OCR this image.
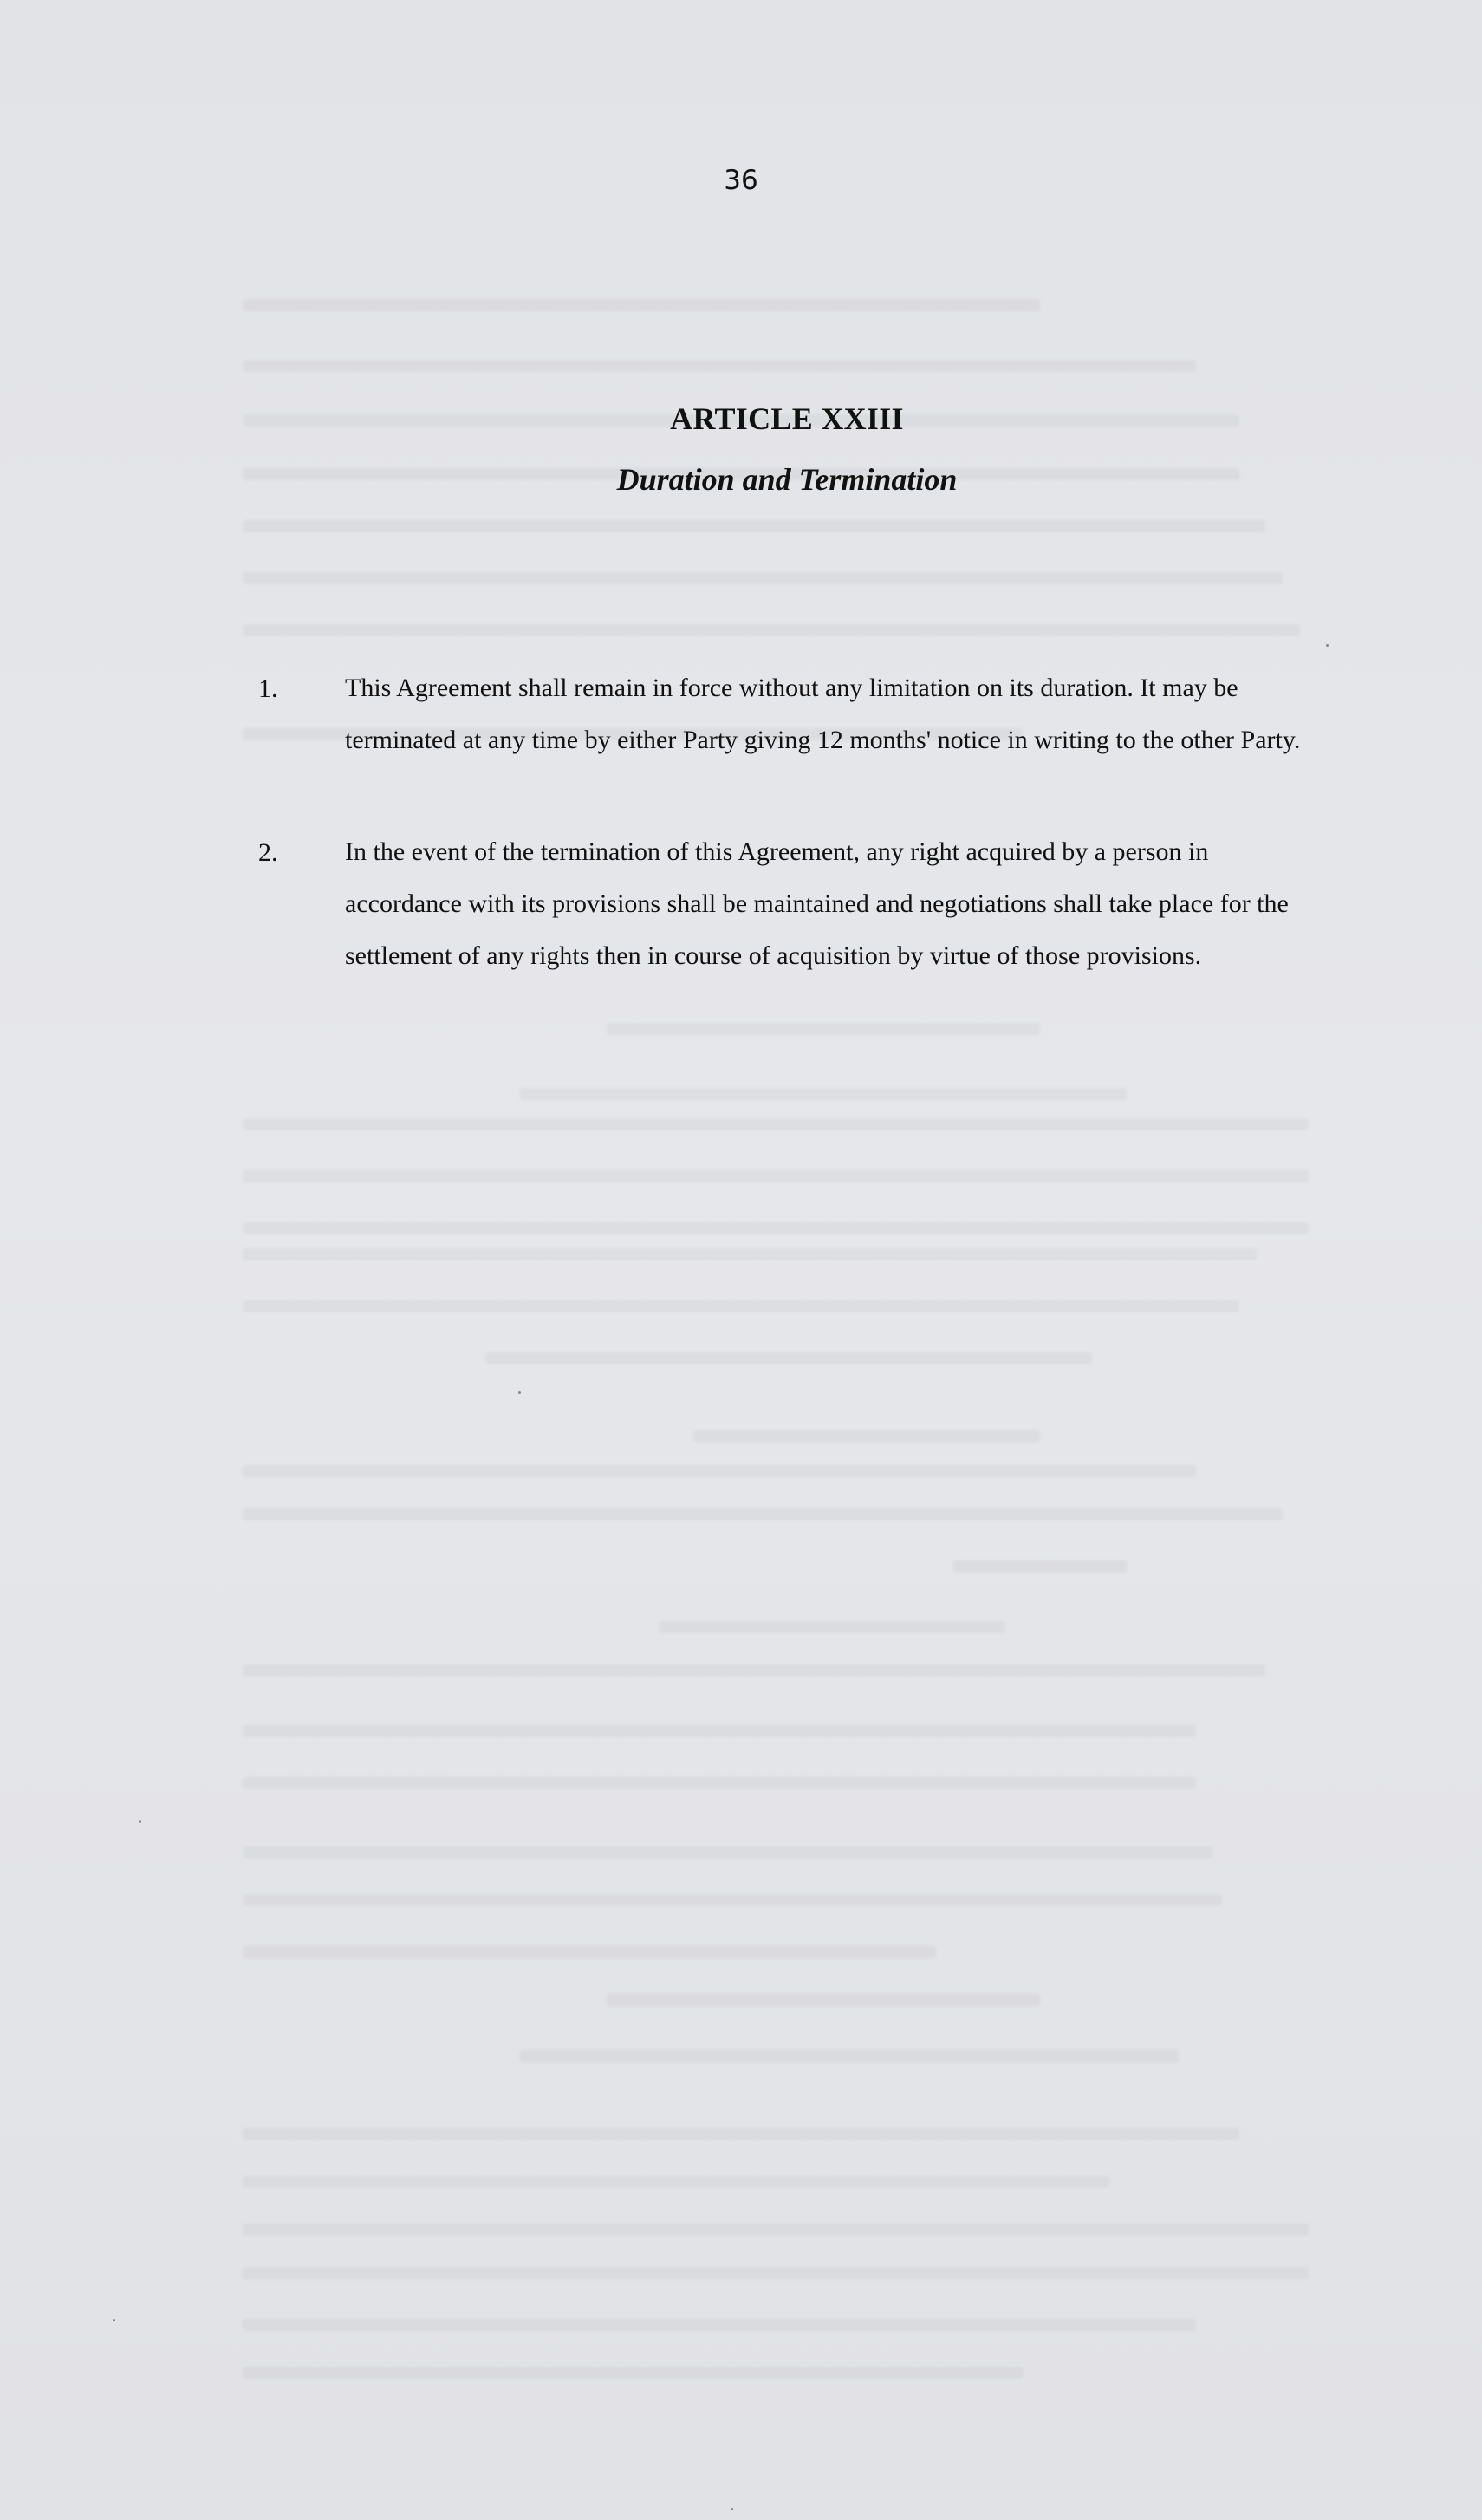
36
ARTICLE XXIII
Duration and Termination
1.	This Agreement shall remain in force without any limitation on its duration. It may be terminated at any time by either Party giving 12 months' notice in writing to the other Party.
2.	In the event of the termination of this Agreement, any right acquired by a person in accordance with its provisions shall be maintained and negotiations shall take place for the settlement of any rights then in course of acquisition by virtue of those provisions.
